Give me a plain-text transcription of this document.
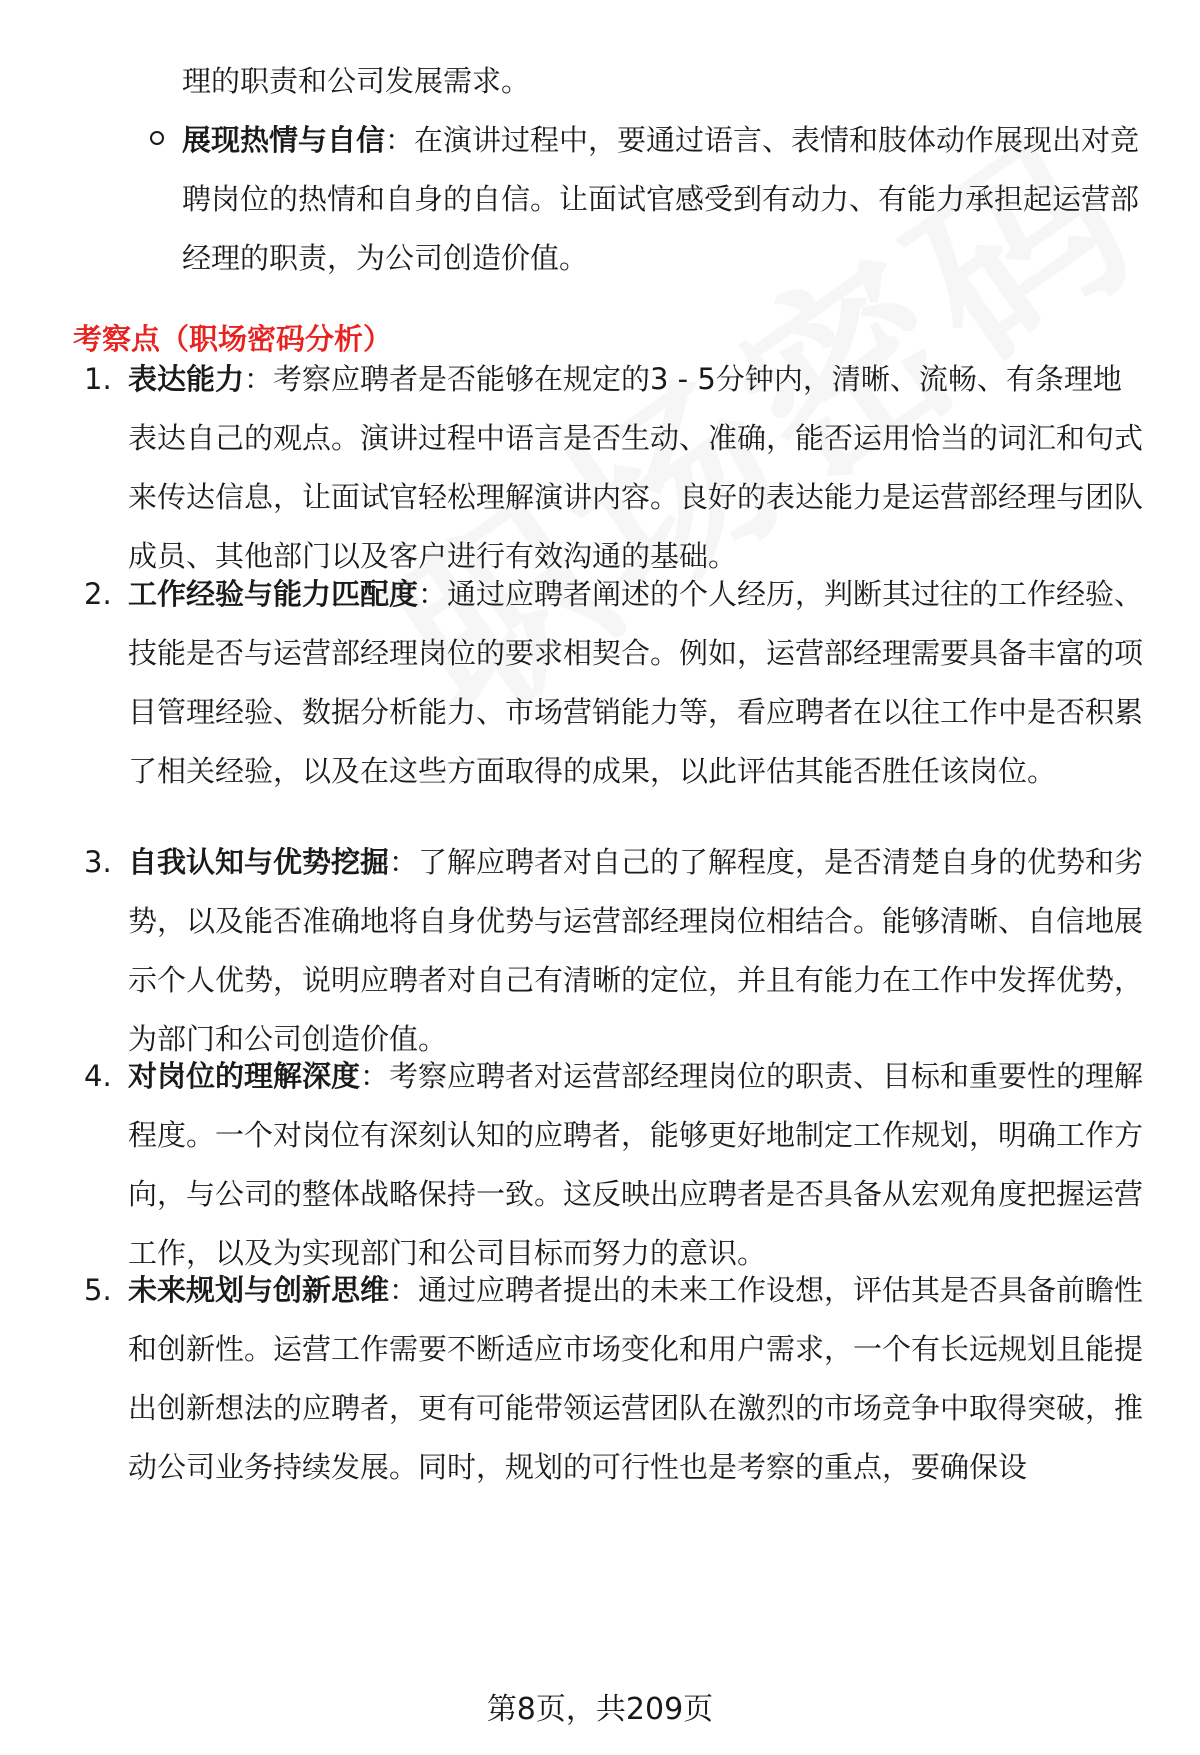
理的职责和公司发展需求。

展现热情与自信：在演讲过程中，要通过语言、表情和肢体动作展现出对竞聘岗位的热情和自身的自信。让面试官感受到有动力、有能力承担起运营部经理的职责，为公司创造价值。

考察点（职场密码分析）
1. 表达能力：考察应聘者是否能够在规定的3 - 5分钟内，清晰、流畅、有条理地表达自己的观点。演讲过程中语言是否生动、准确，能否运用恰当的词汇和句式来传达信息，让面试官轻松理解演讲内容。良好的表达能力是运营部经理与团队成员、其他部门以及客户进行有效沟通的基础。

2. 工作经验与能力匹配度：通过应聘者阐述的个人经历，判断其过往的工作经验、技能是否与运营部经理岗位的要求相契合。例如，运营部经理需要具备丰富的项目管理经验、数据分析能力、市场营销能力等，看应聘者在以往工作中是否积累了相关经验，以及在这些方面取得的成果，以此评估其能否胜任该岗位。

3. 自我认知与优势挖掘：了解应聘者对自己的了解程度，是否清楚自身的优势和劣势，以及能否准确地将自身优势与运营部经理岗位相结合。能够清晰、自信地展示个人优势，说明应聘者对自己有清晰的定位，并且有能力在工作中发挥优势，为部门和公司创造价值。

4. 对岗位的理解深度：考察应聘者对运营部经理岗位的职责、目标和重要性的理解程度。一个对岗位有深刻认知的应聘者，能够更好地制定工作规划，明确工作方向，与公司的整体战略保持一致。这反映出应聘者是否具备从宏观角度把握运营工作，以及为实现部门和公司目标而努力的意识。

5. 未来规划与创新思维：通过应聘者提出的未来工作设想，评估其是否具备前瞻性和创新性。运营工作需要不断适应市场变化和用户需求，一个有长远规划且能提出创新想法的应聘者，更有可能带领运营团队在激烈的市场竞争中取得突破，推动公司业务持续发展。同时，规划的可行性也是考察的重点，要确保设

第8页，共209页
